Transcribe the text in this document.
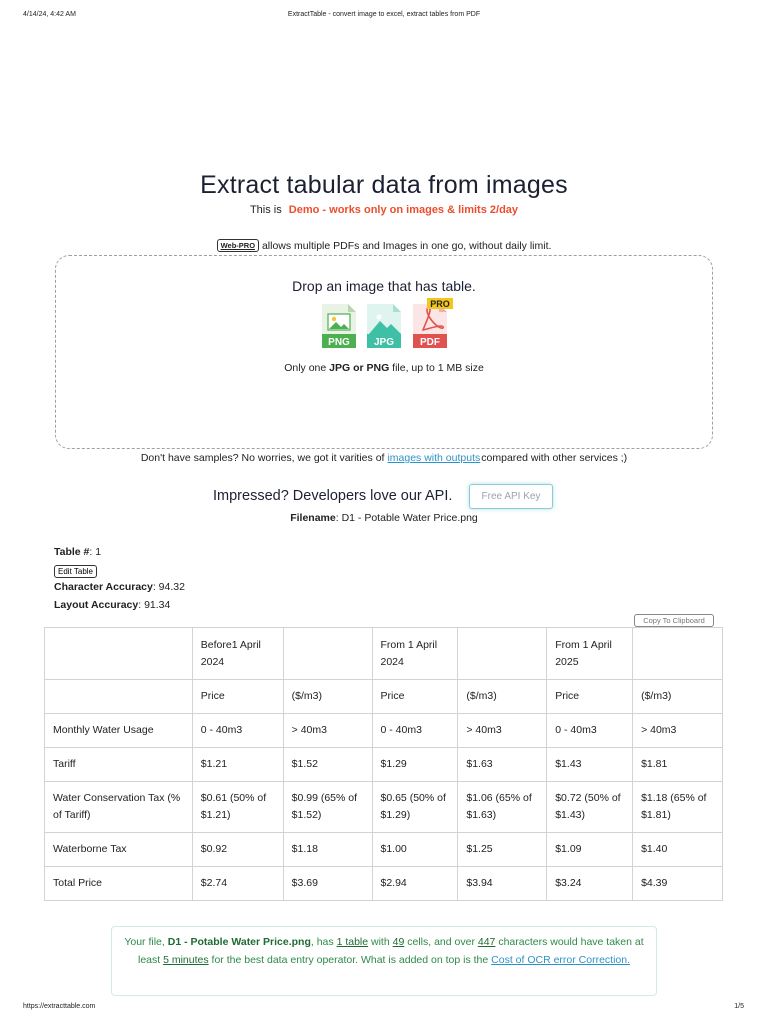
4/14/24, 4:42 AM	ExtractTable - convert image to excel, extract tables from PDF
Extract tabular data from images
This is Demo - works only on images & limits 2/day
Web-PRO allows multiple PDFs and Images in one go, without daily limit.
Drop an image that has table.
PNG JPG	PDF
PRO
Only one JPG or PNG file, up to 1 MB size
Don't have samples? No worries, we got it varities of images with outputscompared with other services ;)
Impressed? Developers love our API.	Free API Key
Filename: D1 - Potable Water Price.png
Table #: 1
Edit Table
Character Accuracy: 94.32
Layout Accuracy: 91.34
Copy To Clipboard
	Before1 April 2024		From 1 April 2024		From 1 April 2025	
	Price	($/m3)	Price	($/m3)	Price	($/m3)
Monthly Water Usage	0 - 40m3	> 40m3	0 - 40m3	> 40m3	0 - 40m3	> 40m3
Tariff	$1.21	$1.52	$1.29	$1.63	$1.43	$1.81
Water Conservation Tax (% of Tariff)	$0.61 (50% of $1.21)	$0.99 (65% of $1.52)	$0.65 (50% of $1.29)	$1.06 (65% of $1.63)	$0.72 (50% of $1.43)	$1.18 (65% of $1.81)
Waterborne Tax	$0.92	$1.18	$1.00	$1.25	$1.09	$1.40
Total Price	$2.74	$3.69	$2.94	$3.94	$3.24	$4.39
Your file, D1 - Potable Water Price.png, has 1 table with 49 cells, and over 447 characters would have taken at least 5 minutes for the best data entry operator. What is added on top is the Cost of OCR error Correction.
https://extracttable.com	1/5
